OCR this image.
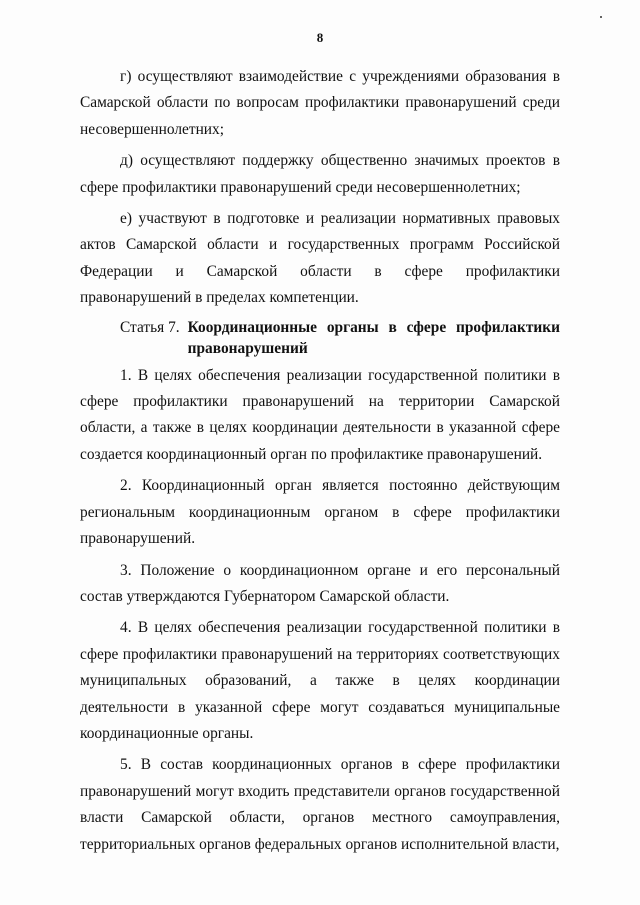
8

г) осуществляют взаимодействие с учреждениями образования в Самарской области по вопросам профилактики правонарушений среди несовершеннолетних;

д) осуществляют поддержку общественно значимых проектов в сфере профилактики правонарушений среди несовершеннолетних;

е) участвуют в подготовке и реализации нормативных правовых актов Самарской области и государственных программ Российской Федерации и Самарской области в сфере профилактики правонарушений в пределах компетенции.

Статья 7. Координационные органы в сфере профилактики правонарушений

1. В целях обеспечения реализации государственной политики в сфере профилактики правонарушений на территории Самарской области, а также в целях координации деятельности в указанной сфере создается координационный орган по профилактике правонарушений.

2. Координационный орган является постоянно действующим региональным координационным органом в сфере профилактики правонарушений.

3. Положение о координационном органе и его персональный состав утверждаются Губернатором Самарской области.

4. В целях обеспечения реализации государственной политики в сфере профилактики правонарушений на территориях соответствующих муниципальных образований, а также в целях координации деятельности в указанной сфере могут создаваться муниципальные координационные органы.

5. В состав координационных органов в сфере профилактики правонарушений могут входить представители органов государственной власти Самарской области, органов местного самоуправления, территориальных органов федеральных органов исполнительной власти,
